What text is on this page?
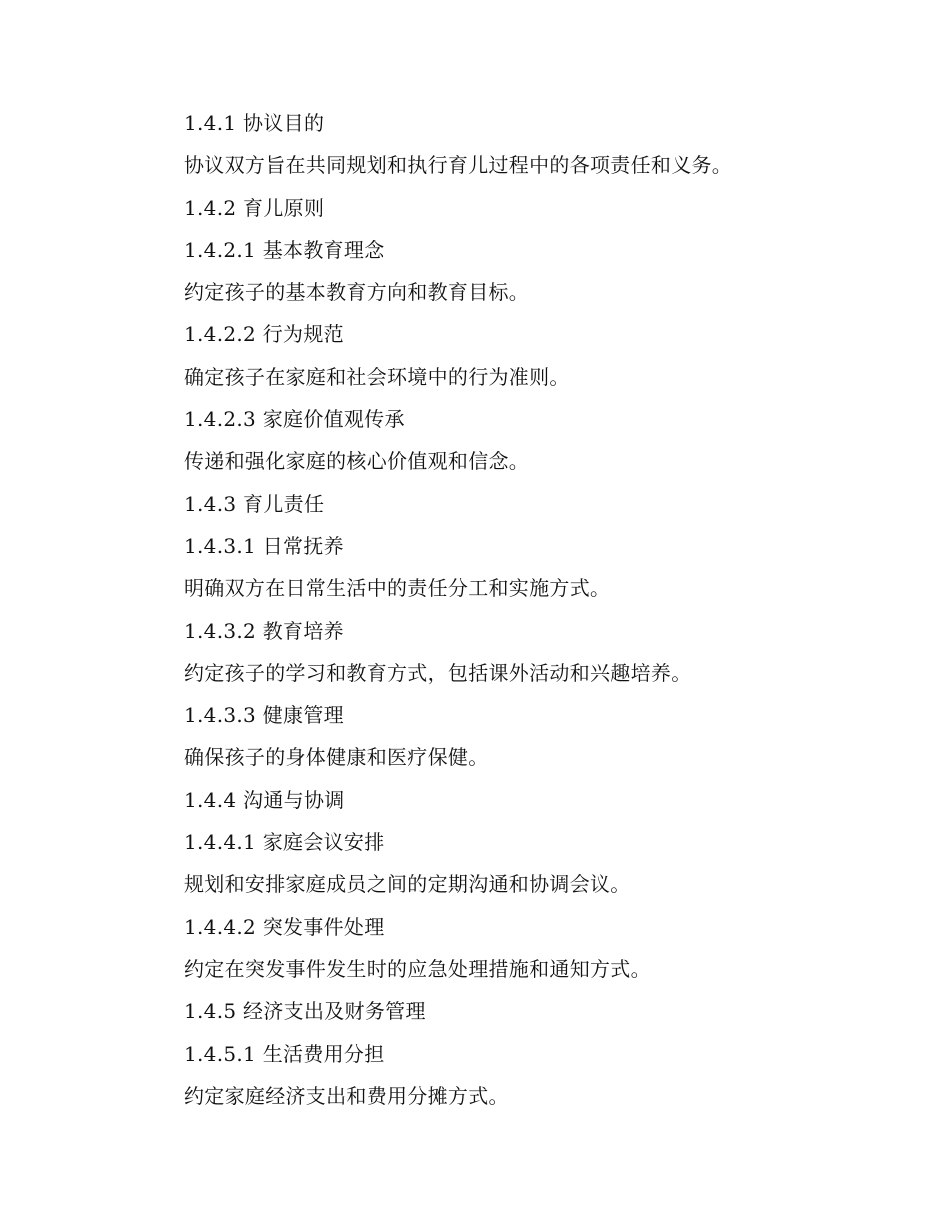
1.4.1 协议目的
协议双方旨在共同规划和执行育儿过程中的各项责任和义务。
1.4.2 育儿原则
1.4.2.1 基本教育理念
约定孩子的基本教育方向和教育目标。
1.4.2.2 行为规范
确定孩子在家庭和社会环境中的行为准则。
1.4.2.3 家庭价值观传承
传递和强化家庭的核心价值观和信念。
1.4.3 育儿责任
1.4.3.1 日常抚养
明确双方在日常生活中的责任分工和实施方式。
1.4.3.2 教育培养
约定孩子的学习和教育方式，包括课外活动和兴趣培养。
1.4.3.3 健康管理
确保孩子的身体健康和医疗保健。
1.4.4 沟通与协调
1.4.4.1 家庭会议安排
规划和安排家庭成员之间的定期沟通和协调会议。
1.4.4.2 突发事件处理
约定在突发事件发生时的应急处理措施和通知方式。
1.4.5 经济支出及财务管理
1.4.5.1 生活费用分担
约定家庭经济支出和费用分摊方式。
